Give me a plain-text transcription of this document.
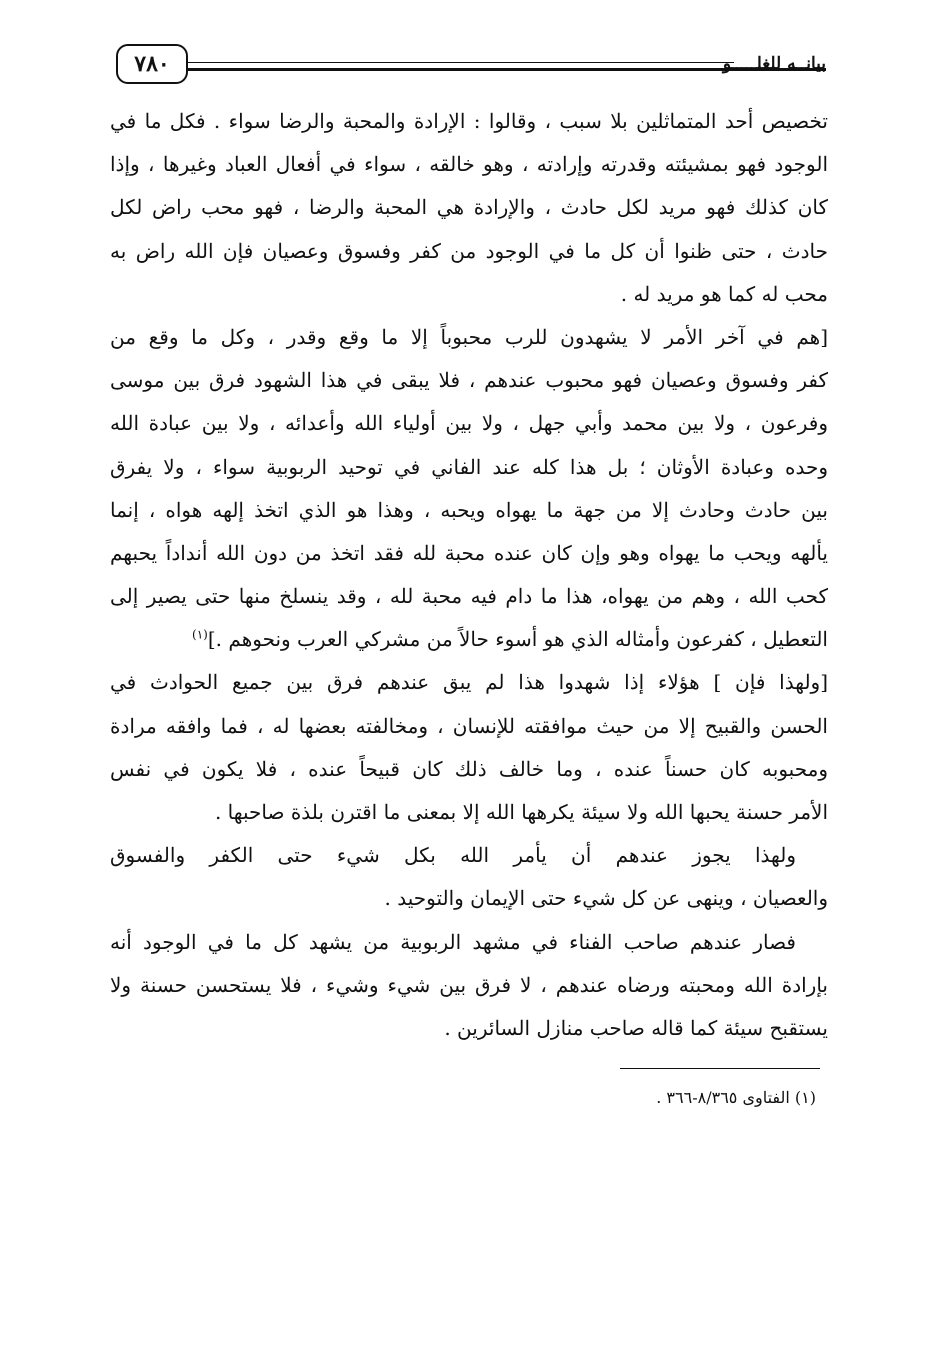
٧٨٠	بيانــه للغلـــــو
تخصيص أحد المتماثلين بلا سبب ، وقالوا : الإرادة والمحبة والرضا سواء . فكل ما في
الوجود فهو بمشيئته وقدرته وإرادته ، وهو خالقه ، سواء في أفعال العباد وغيرها ، وإذا
كان كذلك فهو مريد لكل حادث ، والإرادة هي المحبة والرضا ، فهو محب راض لكل
حادث ، حتى ظنوا أن كل ما في الوجود من كفر وفسوق وعصيان فإن الله راض به
محب له كما هو مريد له .
[هم في آخر الأمر لا يشهدون للرب محبوباً إلا ما وقع وقدر ، وكل ما وقع من
كفر وفسوق وعصيان فهو محبوب عندهم ، فلا يبقى في هذا الشهود فرق بين موسى
وفرعون ، ولا بين محمد وأبي جهل ، ولا بين أولياء الله وأعدائه ، ولا بين عبادة الله
وحده وعبادة الأوثان ؛ بل هذا كله عند الفاني في توحيد الربوبية سواء ، ولا يفرق
بين حادث وحادث إلا من جهة ما يهواه ويحبه ، وهذا هو الذي اتخذ إلهه هواه ، إنما
يألهه ويحب ما يهواه وهو وإن كان عنده محبة لله فقد اتخذ من دون الله أنداداً يحبهم
كحب الله ، وهم من يهواه، هذا ما دام فيه محبة لله ، وقد ينسلخ منها حتى يصير إلى
التعطيل ، كفرعون وأمثاله الذي هو أسوء حالاً من مشركي العرب ونحوهم .]$^{(١)}$
[ولهذا فإن ] هؤلاء إذا شهدوا هذا لم يبق عندهم فرق بين جميع الحوادث في
الحسن والقبيح إلا من حيث موافقته للإنسان ، ومخالفته بعضها له ، فما وافقه مرادة
ومحبوبه كان حسناً عنده ، وما خالف ذلك كان قبيحاً عنده ، فلا يكون في نفس
الأمر حسنة يحبها الله ولا سيئة يكرهها الله إلا بمعنى ما اقترن بلذة صاحبها .
ولهذا يجوز عندهم أن يأمر الله بكل شيء حتى الكفر والفسوق
والعصيان ، وينهى عن كل شيء حتى الإيمان والتوحيد .
فصار عندهم صاحب الفناء في مشهد الربوبية من يشهد كل ما في الوجود أنه
بإرادة الله ومحبته ورضاه عندهم ، لا فرق بين شيء وشيء ، فلا يستحسن حسنة ولا
يستقبح سيئة كما قاله صاحب منازل السائرين .
(١) الفتاوى ٨/٣٦٥-٣٦٦ .
